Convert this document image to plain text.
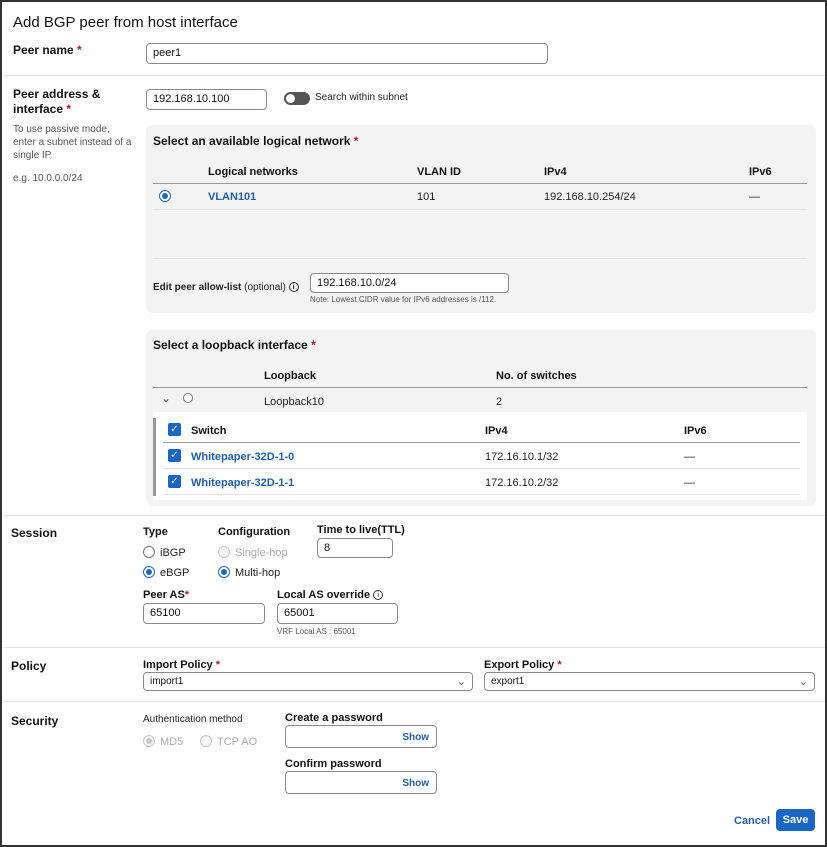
Add BGP peer from host interface
Peer name *	peer1
Peer address &
interface *
To use passive mode,
enter a subnet instead of a
single IP
e.g. 10.0.0.0/24
192.168.10.100	Search within subnet
Select an available logical network *
Logical networks	VLAN ID	IPv4	IPv6
VLAN101	101	192.168.10.254/24	—
Edit peer allow-list (optional) i	192.168.10.0/24
Note: Lowest CIDR value for IPv6 addresses is /112.
Select a loopback interface *
Loopback	No. of switches
⌄	Loopback10	2
✓ Switch	IPv4	IPv6
✓ Whitepaper-32D-1-0	172.16.10.1/32	—
✓ Whitepaper-32D-1-1	172.16.10.2/32	—
Session	Type
iBGP
eBGP
Configuration
Single-hop
Multi-hop
Time to live(TTL)
8
Peer AS*
65100
Local AS override i
65001
VRF Local AS : 65001
Policy	Import Policy *
import1	⌄
Export Policy *
export1	⌄
Security	Authentication method
MD5	TCP AO
Create a password
Show
Confirm password
Show
Cancel	Save
